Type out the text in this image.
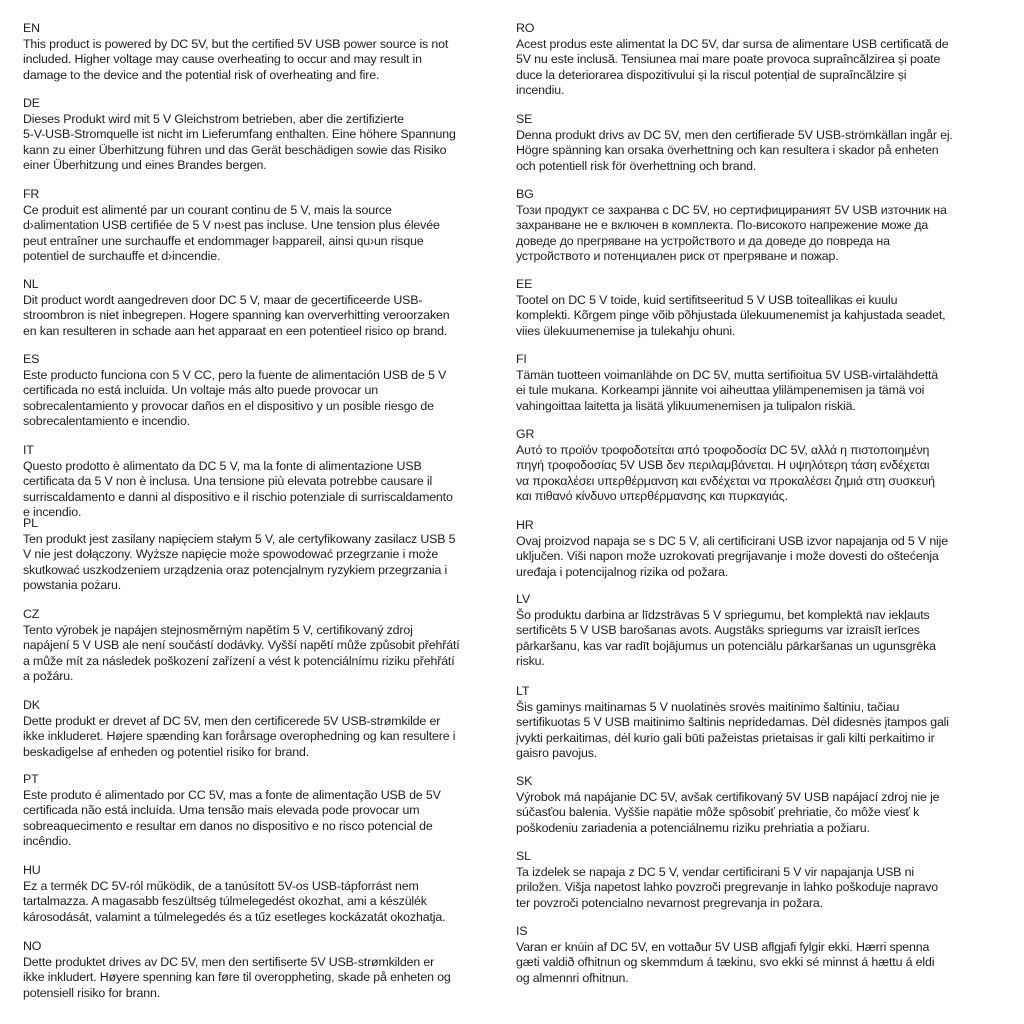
EN
This product is powered by DC 5V, but the certified 5V USB power source is not
included. Higher voltage may cause overheating to occur and may result in
damage to the device and the potential risk of overheating and fire.
DE
Dieses Produkt wird mit 5 V Gleichstrom betrieben, aber die zertifizierte
5-V-USB-Stromquelle ist nicht im Lieferumfang enthalten. Eine höhere Spannung
kann zu einer Überhitzung führen und das Gerät beschädigen sowie das Risiko
einer Überhitzung und eines Brandes bergen.
FR
Ce produit est alimenté par un courant continu de 5 V, mais la source
d›alimentation USB certifiée de 5 V n›est pas incluse. Une tension plus élevée
peut entraîner une surchauffe et endommager l›appareil, ainsi qu›un risque
potentiel de surchauffe et d›incendie.
NL
Dit product wordt aangedreven door DC 5 V, maar de gecertificeerde USB-
stroombron is niet inbegrepen. Hogere spanning kan oververhitting veroorzaken
en kan resulteren in schade aan het apparaat en een potentieel risico op brand.
ES
Este producto funciona con 5 V CC, pero la fuente de alimentación USB de 5 V
certificada no está incluida. Un voltaje más alto puede provocar un
sobrecalentamiento y provocar daños en el dispositivo y un posible riesgo de
sobrecalentamiento e incendio.
IT
Questo prodotto è alimentato da DC 5 V, ma la fonte di alimentazione USB
certificata da 5 V non è inclusa. Una tensione più elevata potrebbe causare il
surriscaldamento e danni al dispositivo e il rischio potenziale di surriscaldamento
e incendio.
PL
Ten produkt jest zasilany napięciem stałym 5 V, ale certyfikowany zasilacz USB 5
V nie jest dołączony. Wyższe napięcie może spowodować przegrzanie i może
skutkować uszkodzeniem urządzenia oraz potencjalnym ryzykiem przegrzania i
powstania pożaru.
CZ
Tento výrobek je napájen stejnosměrným napětím 5 V, certifikovaný zdroj
napájení 5 V USB ale není součástí dodávky. Vyšší napětí může způsobit přehřátí
a může mít za následek poškození zařízení a vést k potenciálnímu riziku přehřátí
a požáru.
DK
Dette produkt er drevet af DC 5V, men den certificerede 5V USB-strømkilde er
ikke inkluderet. Højere spænding kan forårsage overophedning og kan resultere i
beskadigelse af enheden og potentiel risiko for brand.
PT
Este produto é alimentado por CC 5V, mas a fonte de alimentação USB de 5V
certificada não está incluída. Uma tensão mais elevada pode provocar um
sobreaquecimento e resultar em danos no dispositivo e no risco potencial de
incêndio.
HU
Ez a termék DC 5V-ról működik, de a tanúsított 5V-os USB-tápforrást nem
tartalmazza. A magasabb feszültség túlmelegedést okozhat, ami a készülék
károsodását, valamint a túlmelegedés és a tűz esetleges kockázatát okozhatja.
NO
Dette produktet drives av DC 5V, men den sertifiserte 5V USB-strømkilden er
ikke inkludert. Høyere spenning kan føre til overoppheting, skade på enheten og
potensiell risiko for brann.
RO
Acest produs este alimentat la DC 5V, dar sursa de alimentare USB certificată de
5V nu este inclusă. Tensiunea mai mare poate provoca supraîncălzirea și poate
duce la deteriorarea dispozitivului și la riscul potențial de supraîncălzire și
incendiu.
SE
Denna produkt drivs av DC 5V, men den certifierade 5V USB-strömkällan ingår ej.
Högre spänning kan orsaka överhettning och kan resultera i skador på enheten
och potentiell risk för överhettning och brand.
BG
Този продукт се захранва с DC 5V, но сертифицираният 5V USB източник на
захранване не е включен в комплекта. По-високото напрежение може да
доведе до прегряване на устройството и да доведе до повреда на
устройството и потенциален риск от прегряване и пожар.
EE
Tootel on DC 5 V toide, kuid sertifitseeritud 5 V USB toiteallikas ei kuulu
komplekti. Kõrgem pinge võib põhjustada ülekuumenemist ja kahjustada seadet,
viies ülekuumenemise ja tulekahju ohuni.
FI
Tämän tuotteen voimanlähde on DC 5V, mutta sertifioitua 5V USB-virtalähdettä
ei tule mukana. Korkeampi jännite voi aiheuttaa ylilämpenemisen ja tämä voi
vahingoittaa laitetta ja lisätä ylikuumenemisen ja tulipalon riskiä.
GR
Αυτό το προϊόν τροφοδοτείται από τροφοδοσία DC 5V, αλλά η πιστοποιημένη
πηγή τροφοδοσίας 5V USB δεν περιλαμβάνεται. Η υψηλότερη τάση ενδέχεται
να προκαλέσει υπερθέρμανση και ενδέχεται να προκαλέσει ζημιά στη συσκευή
και πιθανό κίνδυνο υπερθέρμανσης και πυρκαγιάς.
HR
Ovaj proizvod napaja se s DC 5 V, ali certificirani USB izvor napajanja od 5 V nije
uključen. Viši napon može uzrokovati pregrijavanje i može dovesti do oštećenja
uređaja i potencijalnog rizika od požara.
LV
Šo produktu darbina ar līdzstrāvas 5 V spriegumu, bet komplektā nav iekļauts
sertificēts 5 V USB barošanas avots. Augstāks spriegums var izraisīt ierīces
pārkaršanu, kas var radīt bojājumus un potenciālu pārkaršanas un ugunsgrēka
risku.
LT
Šis gaminys maitinamas 5 V nuolatinės srovės maitinimo šaltiniu, tačiau
sertifikuotas 5 V USB maitinimo šaltinis nepridedamas. Dėl didesnės įtampos gali
įvykti perkaitimas, dėl kurio gali būti pažeistas prietaisas ir gali kilti perkaitimo ir
gaisro pavojus.
SK
Výrobok má napájanie DC 5V, avšak certifikovaný 5V USB napájací zdroj nie je
súčasťou balenia. Vyššie napätie môže spôsobiť prehriatie, čo môže viesť k
poškodeniu zariadenia a potenciálnemu riziku prehriatia a požiaru.
SL
Ta izdelek se napaja z DC 5 V, vendar certificirani 5 V vir napajanja USB ni
priložen. Višja napetost lahko povzroči pregrevanje in lahko poškoduje napravo
ter povzroči potencialno nevarnost pregrevanja in požara.
IS
Varan er knúin af DC 5V, en vottaður 5V USB aflgjafi fylgir ekki. Hærri spenna
gæti valdið ofhitnun og skemmdum á tækinu, svo ekki sé minnst á hættu á eldi
og almennri ofhitnun.
